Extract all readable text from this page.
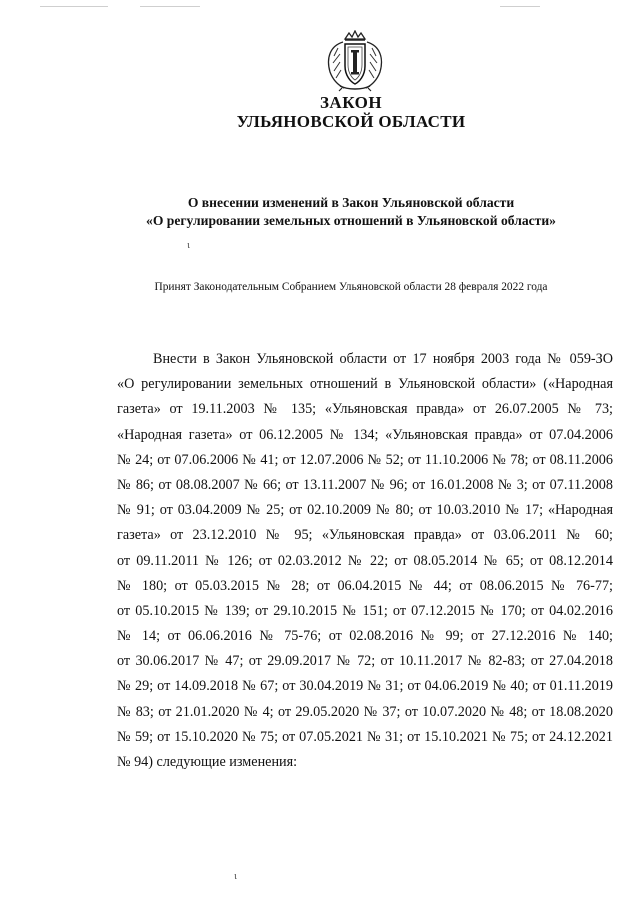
ЗАКОН
УЛЬЯНОВСКОЙ ОБЛАСТИ
О внесении изменений в Закон Ульяновской области
«О регулировании земельных отношений в Ульяновской области»
ι
Принят Законодательным Собранием Ульяновской области 28 февраля 2022 года
Внести в Закон Ульяновской области от 17 ноября 2003 года № 059-ЗО
«О регулировании земельных отношений в Ульяновской области» («Народная
газета» от 19.11.2003 № 135; «Ульяновская правда» от 26.07.2005 № 73;
«Народная газета» от 06.12.2005 № 134; «Ульяновская правда» от 07.04.2006
№ 24; от 07.06.2006 № 41; от 12.07.2006 № 52; от 11.10.2006 № 78; от 08.11.2006
№ 86; от 08.08.2007 № 66; от 13.11.2007 № 96; от 16.01.2008 № 3; от 07.11.2008
№ 91; от 03.04.2009 № 25; от 02.10.2009 № 80; от 10.03.2010 № 17; «Народная
газета» от 23.12.2010 № 95; «Ульяновская правда» от 03.06.2011 № 60;
от 09.11.2011 № 126; от 02.03.2012 № 22; от 08.05.2014 № 65; от 08.12.2014
№ 180; от 05.03.2015 № 28; от 06.04.2015 № 44; от 08.06.2015 № 76-77;
от 05.10.2015 № 139; от 29.10.2015 № 151; от 07.12.2015 № 170; от 04.02.2016
№ 14; от 06.06.2016 № 75-76; от 02.08.2016 № 99; от 27.12.2016 № 140;
от 30.06.2017 № 47; от 29.09.2017 № 72; от 10.11.2017 № 82-83; от 27.04.2018
№ 29; от 14.09.2018 № 67; от 30.04.2019 № 31; от 04.06.2019 № 40; от 01.11.2019
№ 83; от 21.01.2020 № 4; от 29.05.2020 № 37; от 10.07.2020 № 48; от 18.08.2020
№ 59; от 15.10.2020 № 75; от 07.05.2021 № 31; от 15.10.2021 № 75; от 24.12.2021
№ 94) следующие изменения:
ι
